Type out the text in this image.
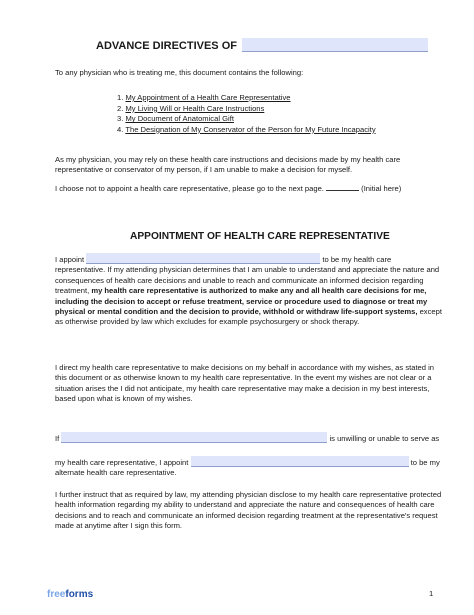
ADVANCE DIRECTIVES OF
To any physician who is treating me, this document contains the following:
1. My Appointment of a Health Care Representative
2. My Living Will or Health Care Instructions
3. My Document of Anatomical Gift
4. The Designation of My Conservator of the Person for My Future Incapacity
As my physician, you may rely on these health care instructions and decisions made by my health care representative or conservator of my person, if I am unable to make a decision for myself.
I choose not to appoint a health care representative, please go to the next page.	(Initial here)
APPOINTMENT OF HEALTH CARE REPRESENTATIVE
I appoint	to be my health care representative. If my attending physician determines that I am unable to understand and appreciate the nature and consequences of health care decisions and unable to reach and communicate an informed decision regarding treatment, my health care representative is authorized to make any and all health care decisions for me, including the decision to accept or refuse treatment, service or procedure used to diagnose or treat my physical or mental condition and the decision to provide, withhold or withdraw life-support systems, except as otherwise provided by law which excludes for example psychosurgery or shock therapy.
I direct my health care representative to make decisions on my behalf in accordance with my wishes, as stated in this document or as otherwise known to my health care representative. In the event my wishes are not clear or a situation arises the I did not anticipate, my health care representative may make a decision in my best interests, based upon what is known of my wishes.
If	is unwilling or unable to serve as
my health care representative, I appoint	to be my alternate health care representative.
I further instruct that as required by law, my attending physician disclose to my health care representative protected health information regarding my ability to understand and appreciate the nature and consequences of health care decisions and to reach and communicate an informed decision regarding treatment at the representative's request made at anytime after I sign this form.
freeforms	1
